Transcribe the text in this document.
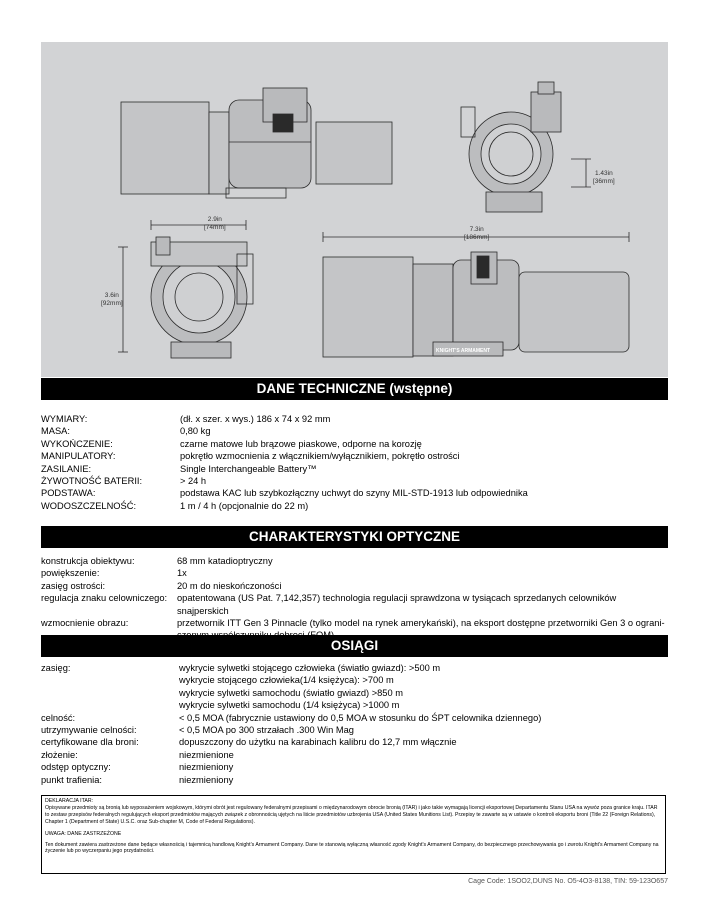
2.9in
[74mm]
3.6in
[92mm]
7.3in
[186mm]
1.43in
[36mm]
KNIGHT'S ARMAMENT
DANE TECHNICZNE (wstępne)
WYMIARY:	(dł. x szer. x wys.) 186 x 74 x 92 mm
MASA:	0,80 kg
WYKOŃCZENIE:	czarne matowe lub brązowe piaskowe, odporne na korozję
MANIPULATORY:	pokrętło wzmocnienia z włącznikiem/wyłącznikiem, pokrętło ostrości
ZASILANIE:	Single Interchangeable Battery™
ŻYWOTNOŚĆ BATERII:	> 24 h
PODSTAWA:	podstawa KAC lub szybkozłączny uchwyt do szyny MIL-STD-1913 lub odpowiednika
WODOSZCZELNOŚĆ:	1 m / 4 h (opcjonalnie do 22 m)
CHARAKTERYSTYKI OPTYCZNE
konstrukcja obiektywu:	68 mm katadioptryczny
powiększenie:	1x
zasięg ostrości:	20 m do nieskończoności
regulacja znaku celowniczego:	opatentowana (US Pat. 7,142,357) technologia regulacji sprawdzona w tysiącach sprzedanych celowników snajperskich
wzmocnienie obrazu:	przetwornik ITT Gen 3 Pinnacle (tylko model na rynek amerykański), na eksport dostępne przetworniki Gen 3 o ograni-
OSIĄGI
zasięg:	wykrycie sylwetki stojącego człowieka (światło gwiazd): >500 m
wykrycie stojącego człowieka(1/4 księżyca): >700 m
wykrycie sylwetki samochodu (światło gwiazd) >850 m
wykrycie sylwetki samochodu (1/4 księżyca) >1000 m
celność:	< 0,5 MOA (fabrycznie ustawiony do 0,5 MOA w stosunku do ŚPT celownika dziennego)
utrzymywanie celności:	< 0,5 MOA po 300 strzałach .300 Win Mag
certyfikowane dla broni:	dopuszczony do użytku na karabinach kalibru do 12,7 mm włącznie
złożenie:	niezmienione
odstęp optyczny:	niezmieniony
punkt trafienia:	niezmieniony

DEKLARACJA ITAR:

Opisywane przedmioty są bronią lub wyposażeniem wojskowym, którymi obrót jest regulowany federalnymi przepisami o międzynarodowym obrocie bronią (ITAR) i jako takie wymagają licencji eksportowej Departamentu Stanu USA na wywóz poza granice kraju. ITAR to zestaw przepisów federalnych regulujących eksport przedmiotów mających związek z obronnością ujętych na liście przedmiotów uzbrojenia USA (United States Munitions List). Przepisy te zawarte są w ustawie o kontroli eksportu broni (Title 22 (Foreign Relations), Chapter 1 (Department of State) U.S.C. oraz Sub-chapter M, Code of Federal Regulations).

UWAGA: DANE ZASTRZEŻONE

Ten dokument zawiera zastrzeżone dane będące własnością i tajemnicą handlową Knight's Armament Company. Dane te stanowią wyłączną własność zgody Knight's Armament Company, do bezpiecznego przechowywania go i zwrotu Knight's Armament Company na życzenie lub po wyczerpaniu jego przydatności.

Cage Code: 1SOO2,DUNS No. O5-4O3-8138, TIN: 59-123O657
